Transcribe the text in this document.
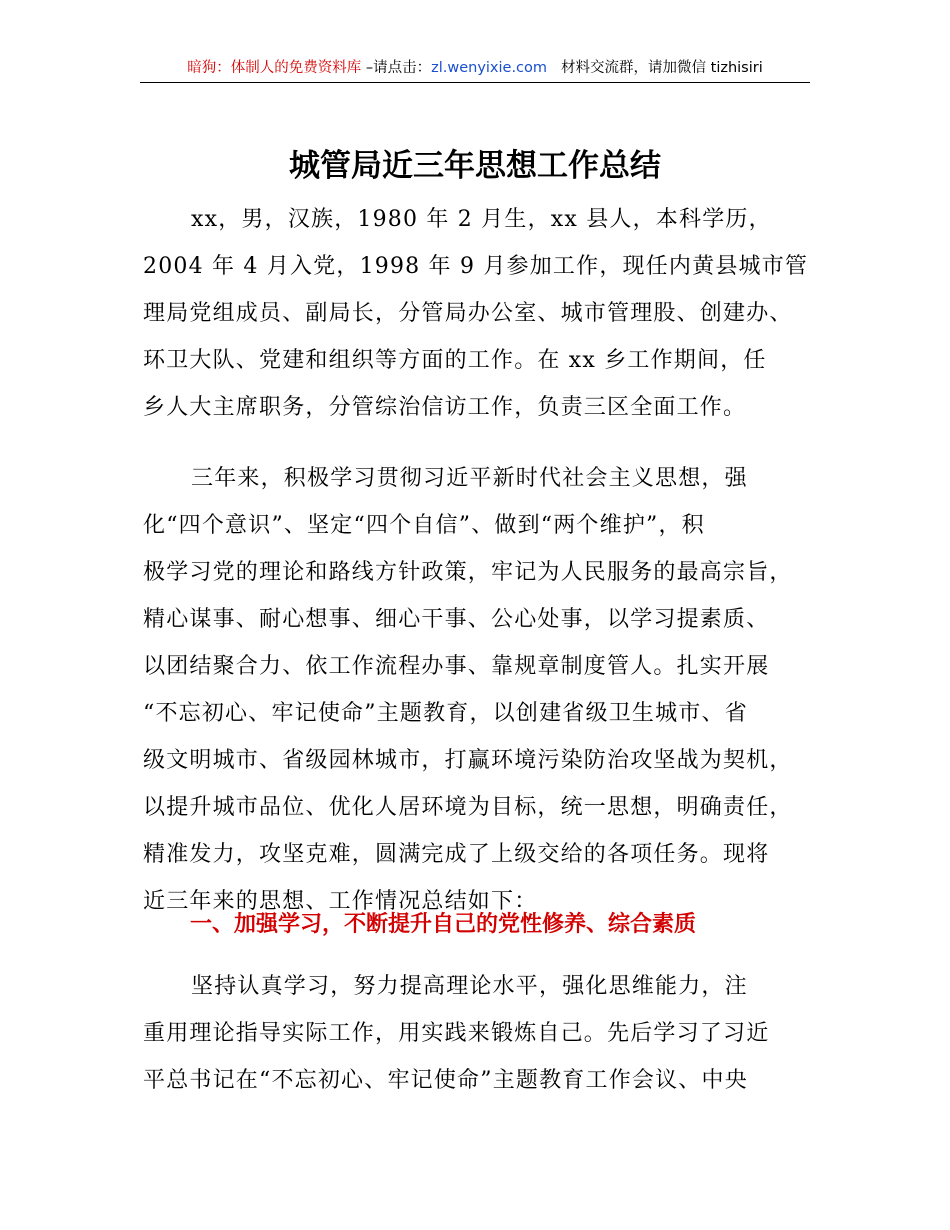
暗狗：体制人的免费资料库 –请点击：zl.wenyixie.com 材料交流群，请加微信 tizhisiri
城管局近三年思想工作总结
xx，男，汉族，1980 年 2 月生，xx 县人，本科学历，
2004 年 4 月入党，1998 年 9 月参加工作，现任内黄县城市管
理局党组成员、副局长，分管局办公室、城市管理股、创建办、
环卫大队、党建和组织等方面的工作。在 xx 乡工作期间，任
乡人大主席职务，分管综治信访工作，负责三区全面工作。
三年来，积极学习贯彻习近平新时代社会主义思想，强
化“四个意识”、坚定“四个自信”、做到“两个维护”，积
极学习党的理论和路线方针政策，牢记为人民服务的最高宗旨，
精心谋事、耐心想事、细心干事、公心处事，以学习提素质、
以团结聚合力、依工作流程办事、靠规章制度管人。扎实开展
“不忘初心、牢记使命”主题教育，以创建省级卫生城市、省
级文明城市、省级园林城市，打赢环境污染防治攻坚战为契机，
以提升城市品位、优化人居环境为目标，统一思想，明确责任，
精准发力，攻坚克难，圆满完成了上级交给的各项任务。现将
近三年来的思想、工作情况总结如下：
一、加强学习，不断提升自己的党性修养、综合素质
坚持认真学习，努力提高理论水平，强化思维能力，注
重用理论指导实际工作，用实践来锻炼自己。先后学习了习近
平总书记在“不忘初心、牢记使命”主题教育工作会议、中央
